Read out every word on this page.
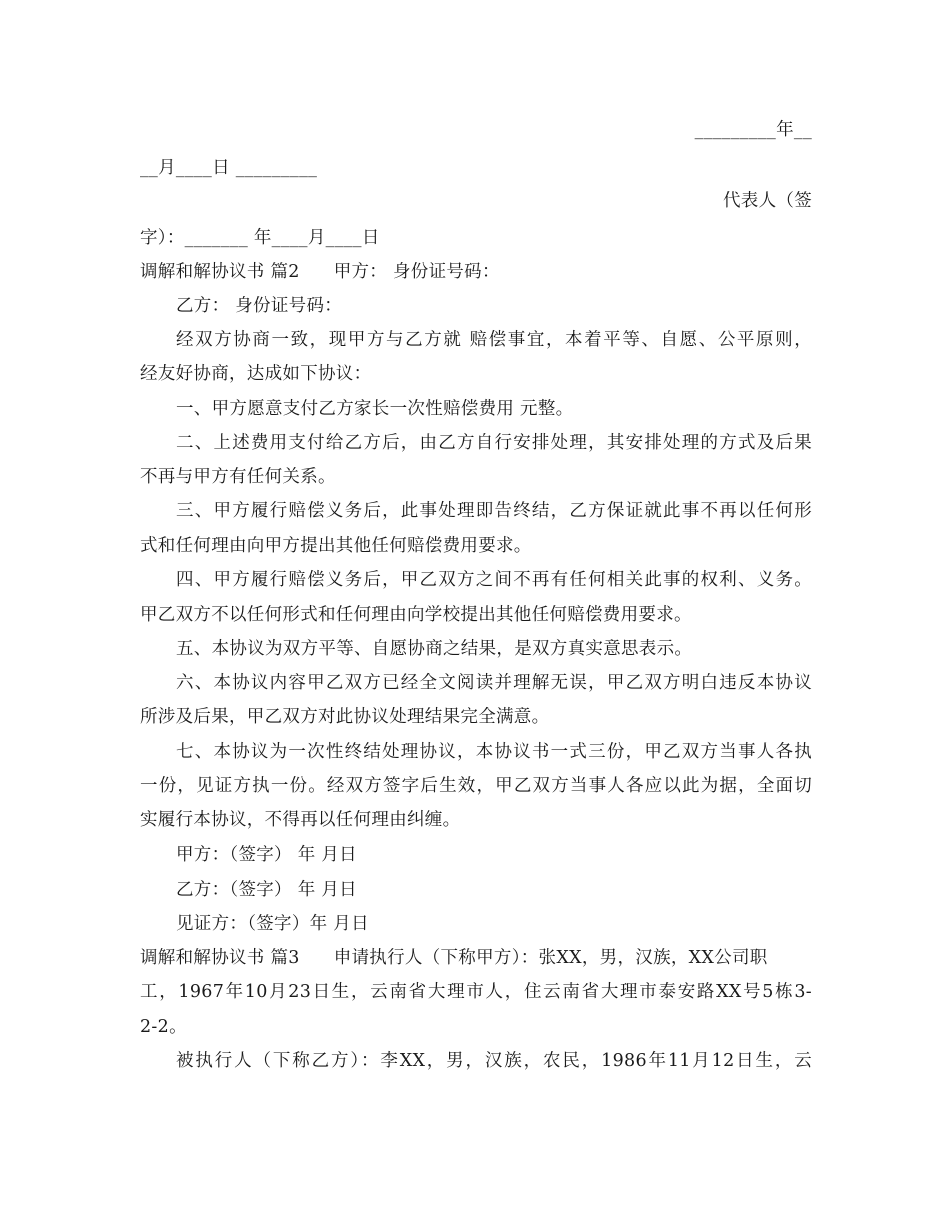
_________年__
__月____日 _________
代表人（签
字）：_______ 年____月____日
调解和解协议书 篇2 甲方： 身份证号码：
乙方： 身份证号码：
经双方协商一致，现甲方与乙方就 赔偿事宜，本着平等、自愿、公平原则，
经友好协商，达成如下协议：
一、甲方愿意支付乙方家长一次性赔偿费用 元整。
二、上述费用支付给乙方后，由乙方自行安排处理，其安排处理的方式及后果
不再与甲方有任何关系。
三、甲方履行赔偿义务后，此事处理即告终结，乙方保证就此事不再以任何形
式和任何理由向甲方提出其他任何赔偿费用要求。
四、甲方履行赔偿义务后，甲乙双方之间不再有任何相关此事的权利、义务。
甲乙双方不以任何形式和任何理由向学校提出其他任何赔偿费用要求。
五、本协议为双方平等、自愿协商之结果，是双方真实意思表示。
六、本协议内容甲乙双方已经全文阅读并理解无误，甲乙双方明白违反本协议
所涉及后果，甲乙双方对此协议处理结果完全满意。
七、本协议为一次性终结处理协议，本协议书一式三份，甲乙双方当事人各执
一份，见证方执一份。经双方签字后生效，甲乙双方当事人各应以此为据，全面切
实履行本协议，不得再以任何理由纠缠。
甲方：（签字） 年 月日
乙方：（签字） 年 月日
见证方：（签字）年 月日
调解和解协议书 篇3 申请执行人（下称甲方）：张XX，男，汉族，XX公司职
工，1967年10月23日生，云南省大理市人，住云南省大理市泰安路XX号5栋3-
2-2。
被执行人（下称乙方）：李XX，男，汉族，农民，1986年11月12日生，云
